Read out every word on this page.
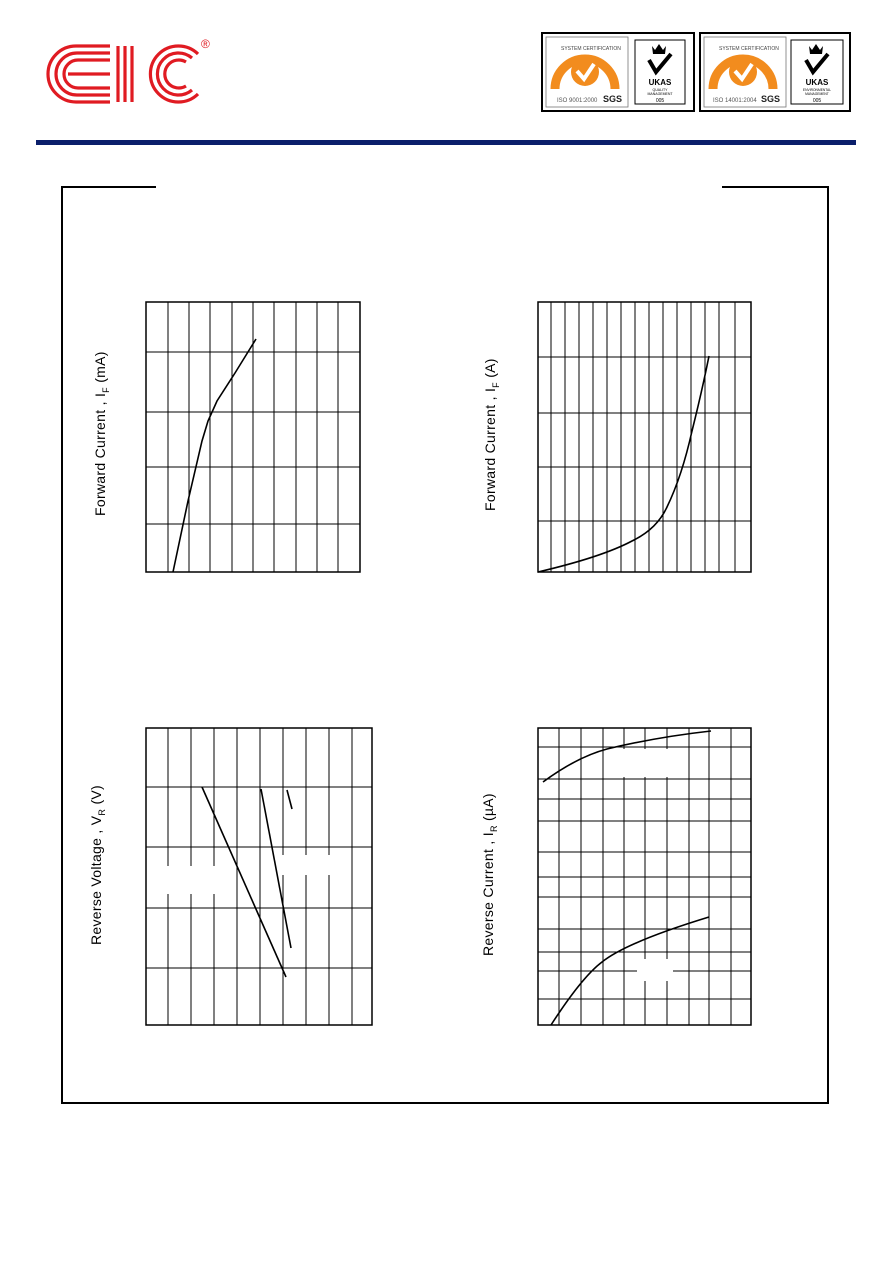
®	SYSTEM CERTIFICATION
ISO 9001:2000 SGS
UKAS
QUALITY
MANAGEMENT
005
SYSTEM CERTIFICATION
ISO 14001:2004 SGS
UKAS
ENVIRONMENTAL
MANAGEMENT
005
Forward Current , $I_F$ (mA)
Forward Current , $I_F$ (A)
Reverse Voltage , $V_R$ (V)
Reverse Current , $I_R$ (µA)
